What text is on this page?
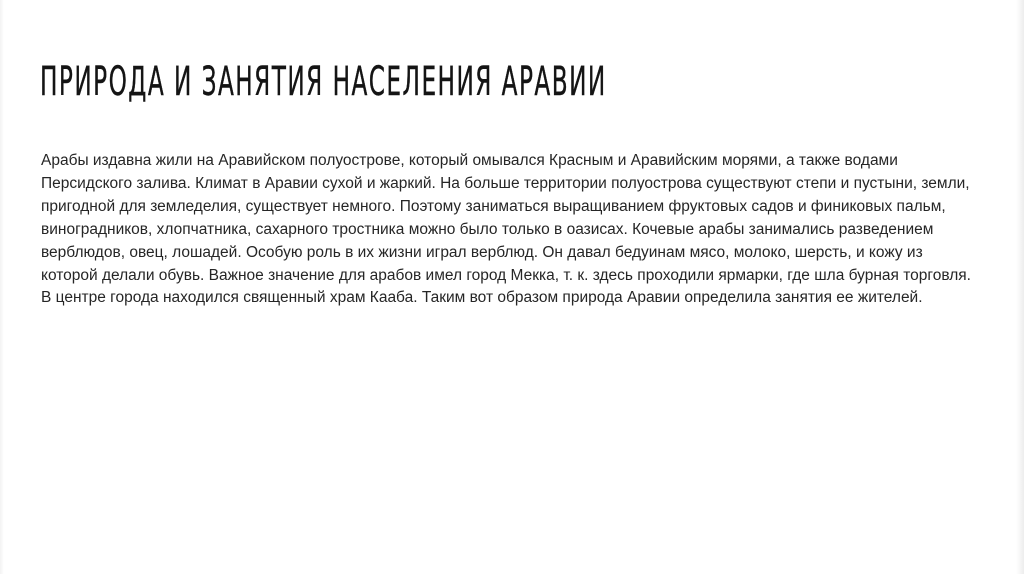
ПРИРОДА И ЗАНЯТИЯ НАСЕЛЕНИЯ АРАВИИ

Арабы издавна жили на Аравийском полуострове, который омывался Красным и Аравийским морями, а также водами Персидского залива. Климат в Аравии сухой и жаркий. На больше территории полуострова существуют степи и пустыни, земли, пригодной для земледелия, существует немного. Поэтому заниматься выращиванием фруктовых садов и финиковых пальм, виноградников, хлопчатника, сахарного тростника можно было только в оазисах. Кочевые арабы занимались разведением верблюдов, овец, лошадей. Особую роль в их жизни играл верблюд. Он давал бедуинам мясо, молоко, шерсть, и кожу из которой делали обувь. Важное значение для арабов имел город Мекка, т. к. здесь проходили ярмарки, где шла бурная торговля. В центре города находился священный храм Кааба. Таким вот образом природа Аравии определила занятия ее жителей.
